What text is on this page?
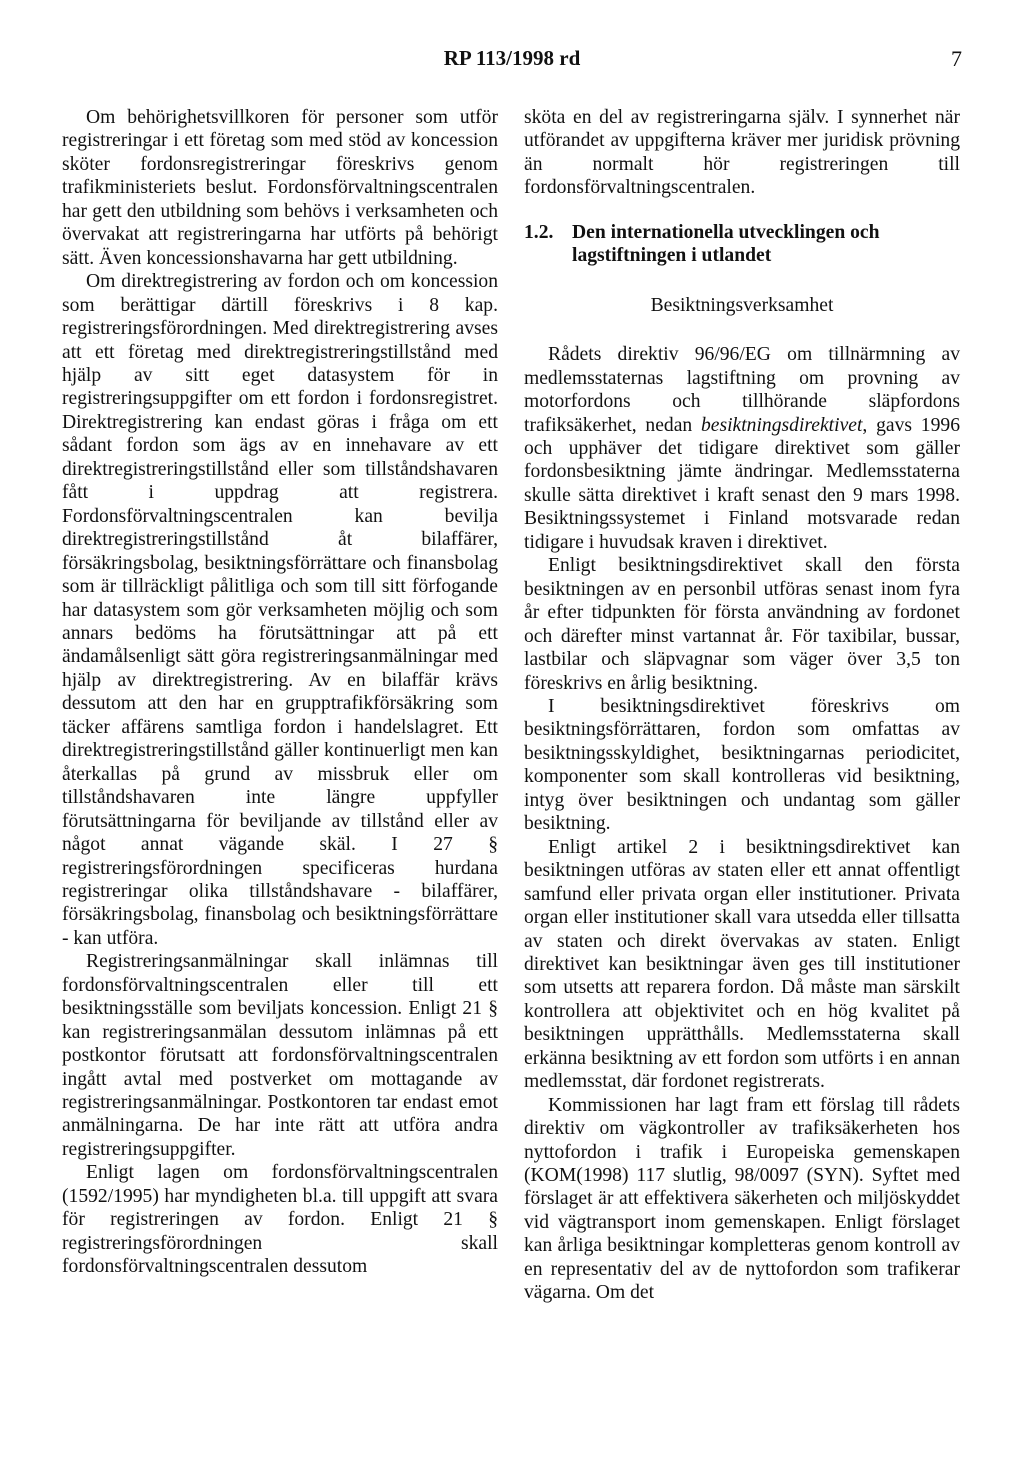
RP 113/1998 rd	7

Om behörighetsvillkoren för personer som utför registreringar i ett företag som med stöd av koncession sköter fordonsregistreringar föreskrivs genom trafikministeriets beslut. Fordonsförvaltningscentralen har gett den utbildning som behövs i verksamheten och övervakat att registreringarna har utförts på behörigt sätt. Även koncessionshavarna har gett utbildning.

Om direktregistrering av fordon och om koncession som berättigar därtill föreskrivs i 8 kap. registreringsförordningen. Med direktregistrering avses att ett företag med direktregistreringstillstånd med hjälp av sitt eget datasystem för in registreringsuppgifter om ett fordon i fordonsregistret. Direktregistrering kan endast göras i fråga om ett sådant fordon som ägs av en innehavare av ett direktregistreringstillstånd eller som tillståndshavaren fått i uppdrag att registrera. Fordonsförvaltningscentralen kan bevilja direktregistreringstillstånd åt bilaffärer, försäkringsbolag, besiktningsförrättare och finansbolag som är tillräckligt pålitliga och som till sitt förfogande har datasystem som gör verksamheten möjlig och som annars bedöms ha förutsättningar att på ett ändamålsenligt sätt göra registreringsanmälningar med hjälp av direktregistrering. Av en bilaffär krävs dessutom att den har en grupptrafikförsäkring som täcker affärens samtliga fordon i handelslagret. Ett direktregistreringstillstånd gäller kontinuerligt men kan återkallas på grund av missbruk eller om tillståndshavaren inte längre uppfyller förutsättningarna för beviljande av tillstånd eller av något annat vägande skäl. I 27 § registreringsförordningen specificeras hurdana registreringar olika tillståndshavare - bilaffärer, försäkringsbolag, finansbolag och besiktningsförrättare - kan utföra.

Registreringsanmälningar skall inlämnas till fordonsförvaltningscentralen eller till ett besiktningsställe som beviljats koncession. Enligt 21 § kan registreringsanmälan dessutom inlämnas på ett postkontor förutsatt att fordonsförvaltningscentralen ingått avtal med postverket om mottagande av registreringsanmälningar. Postkontoren tar endast emot anmälningarna. De har inte rätt att utföra andra registreringsuppgifter.

Enligt lagen om fordonsförvaltningscentralen (1592/1995) har myndigheten bl.a. till uppgift att svara för registreringen av fordon. Enligt 21 § registreringsförordningen skall fordonsförvaltningscentralen dessutom

sköta en del av registreringarna själv. I synnerhet när utförandet av uppgifterna kräver mer juridisk prövning än normalt hör registreringen till fordonsförvaltningscentralen.

1.2. Den internationella utvecklingen och lagstiftningen i utlandet
Besiktningsverksamhet

Rådets direktiv 96/96/EG om tillnärmning av medlemsstaternas lagstiftning om provning av motorfordons och tillhörande släpfordons trafiksäkerhet, nedan besiktningsdirektivet, gavs 1996 och upphäver det tidigare direktivet som gäller fordonsbesiktning jämte ändringar. Medlemsstaterna skulle sätta direktivet i kraft senast den 9 mars 1998. Besiktningssystemet i Finland motsvarade redan tidigare i huvudsak kraven i direktivet.

Enligt besiktningsdirektivet skall den första besiktningen av en personbil utföras senast inom fyra år efter tidpunkten för första användning av fordonet och därefter minst vartannat år. För taxibilar, bussar, lastbilar och släpvagnar som väger över 3,5 ton föreskrivs en årlig besiktning.

I besiktningsdirektivet föreskrivs om besiktningsförrättaren, fordon som omfattas av besiktningsskyldighet, besiktningarnas periodicitet, komponenter som skall kontrolleras vid besiktning, intyg över besiktningen och undantag som gäller besiktning.

Enligt artikel 2 i besiktningsdirektivet kan besiktningen utföras av staten eller ett annat offentligt samfund eller privata organ eller institutioner. Privata organ eller institutioner skall vara utsedda eller tillsatta av staten och direkt övervakas av staten. Enligt direktivet kan besiktningar även ges till institutioner som utsetts att reparera fordon. Då måste man särskilt kontrollera att objektivitet och en hög kvalitet på besiktningen upprätthålls. Medlemsstaterna skall erkänna besiktning av ett fordon som utförts i en annan medlemsstat, där fordonet registrerats.

Kommissionen har lagt fram ett förslag till rådets direktiv om vägkontroller av trafiksäkerheten hos nyttofordon i trafik i Europeiska gemenskapen (KOM(1998) 117 slutlig, 98/0097 (SYN). Syftet med förslaget är att effektivera säkerheten och miljöskyddet vid vägtransport inom gemenskapen. Enligt förslaget kan årliga besiktningar kompletteras genom kontroll av en representativ del av de nyttofordon som trafikerar vägarna. Om det
